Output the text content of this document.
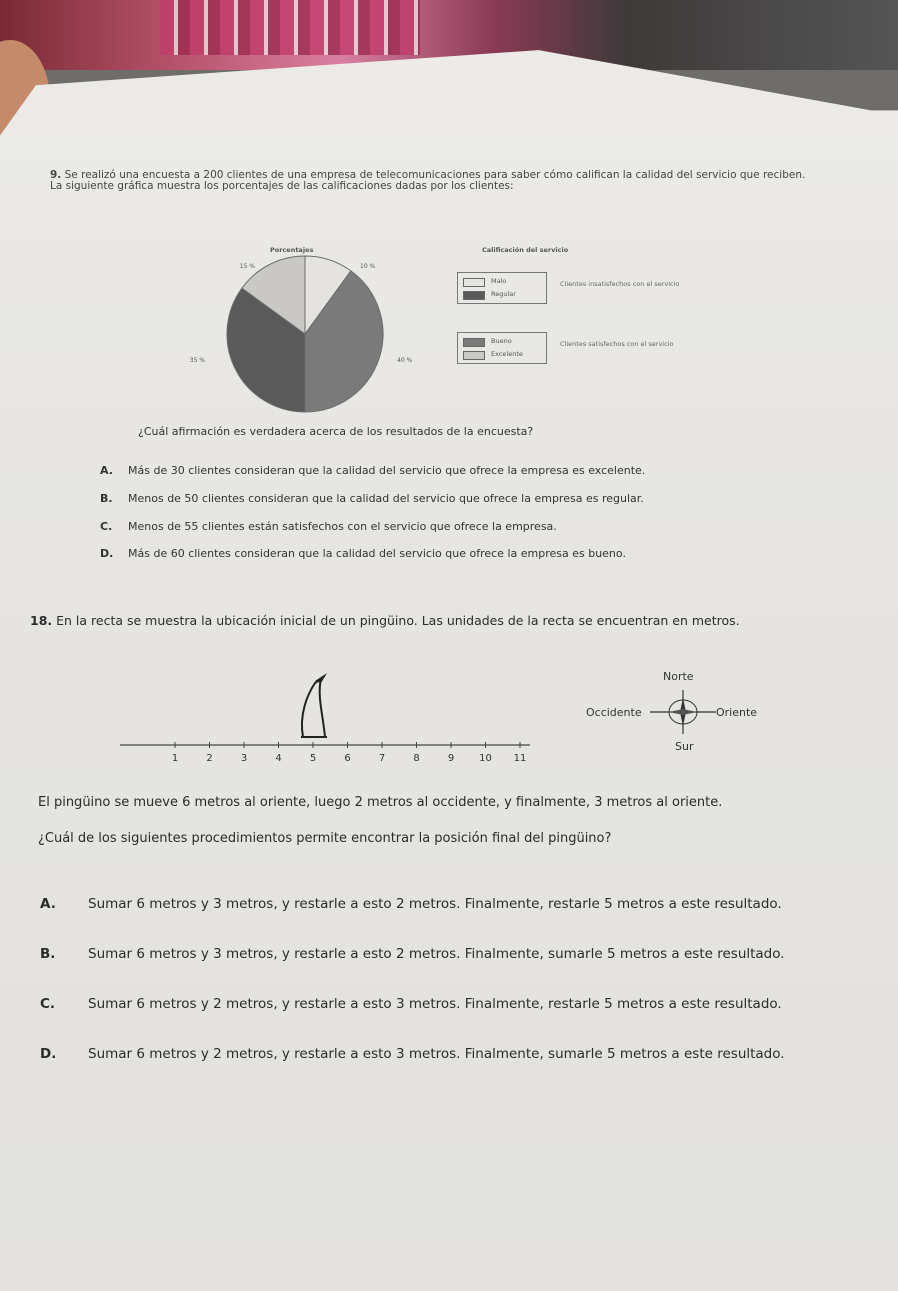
9. Se realizó una encuesta a 200 clientes de una empresa de telecomunicaciones para saber cómo califican la calidad del servicio que reciben. La siguiente gráfica muestra los porcentajes de las calificaciones dadas por los clientes:
Porcentajes
10 %
40 %
35 %
15 %
Calificación del servicio
Malo
Regular
Clientes insatisfechos con el servicio
Bueno
Excelente
Clientes satisfechos con el servicio
¿Cuál afirmación es verdadera acerca de los resultados de la encuesta?
A. Más de 30 clientes consideran que la calidad del servicio que ofrece la empresa es excelente.
B. Menos de 50 clientes consideran que la calidad del servicio que ofrece la empresa es regular.
C. Menos de 55 clientes están satisfechos con el servicio que ofrece la empresa.
D. Más de 60 clientes consideran que la calidad del servicio que ofrece la empresa es bueno.
18. En la recta se muestra la ubicación inicial de un pingüino. Las unidades de la recta se encuentran en metros.
1	2	3	4	5	6	7	8	9 10 11
Norte
Occidente	Oriente
Sur
El pingüino se mueve 6 metros al oriente, luego 2 metros al occidente, y finalmente, 3 metros al oriente.
¿Cuál de los siguientes procedimientos permite encontrar la posición final del pingüino?
A. Sumar 6 metros y 3 metros, y restarle a esto 2 metros. Finalmente, restarle 5 metros a este resultado.
B. Sumar 6 metros y 3 metros, y restarle a esto 2 metros. Finalmente, sumarle 5 metros a este resultado.
C. Sumar 6 metros y 2 metros, y restarle a esto 3 metros. Finalmente, restarle 5 metros a este resultado.
D. Sumar 6 metros y 2 metros, y restarle a esto 3 metros. Finalmente, sumarle 5 metros a este resultado.
